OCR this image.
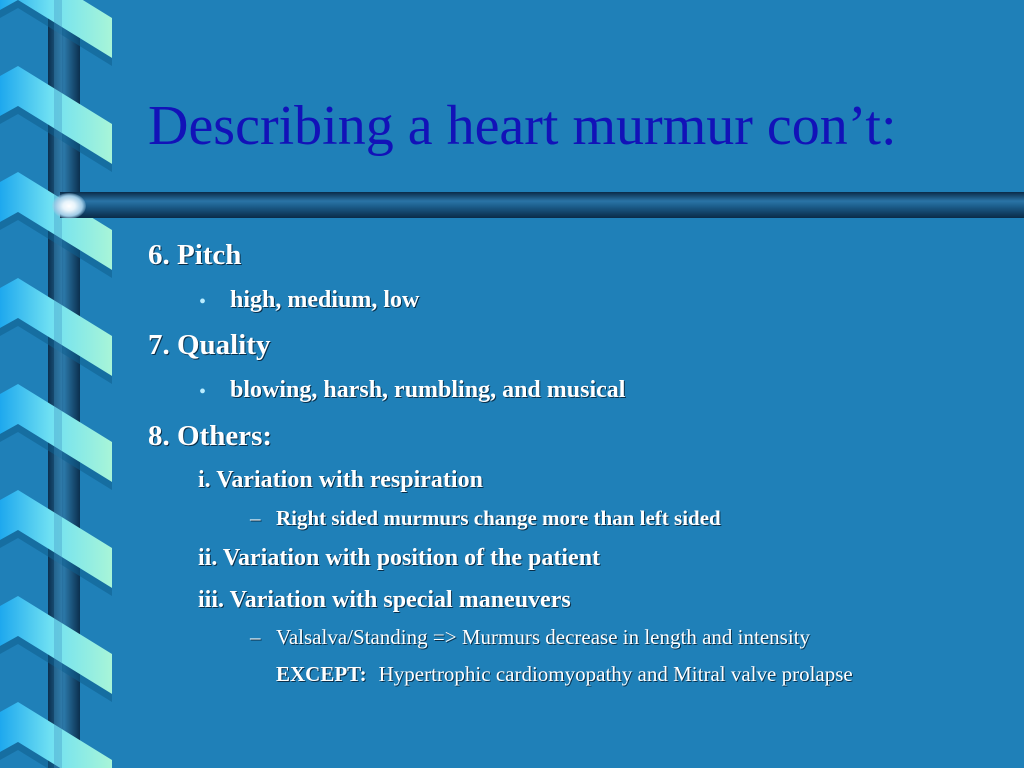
Describing a heart murmur con’t:
6. Pitch
• high, medium, low
7. Quality
• blowing, harsh, rumbling, and musical
8. Others:
i. Variation with respiration
– Right sided murmurs change more than left sided
ii. Variation with position of the patient
iii. Variation with special maneuvers
– Valsalva/Standing => Murmurs decrease in length and intensity
EXCEPT: Hypertrophic cardiomyopathy and Mitral valve prolapse
